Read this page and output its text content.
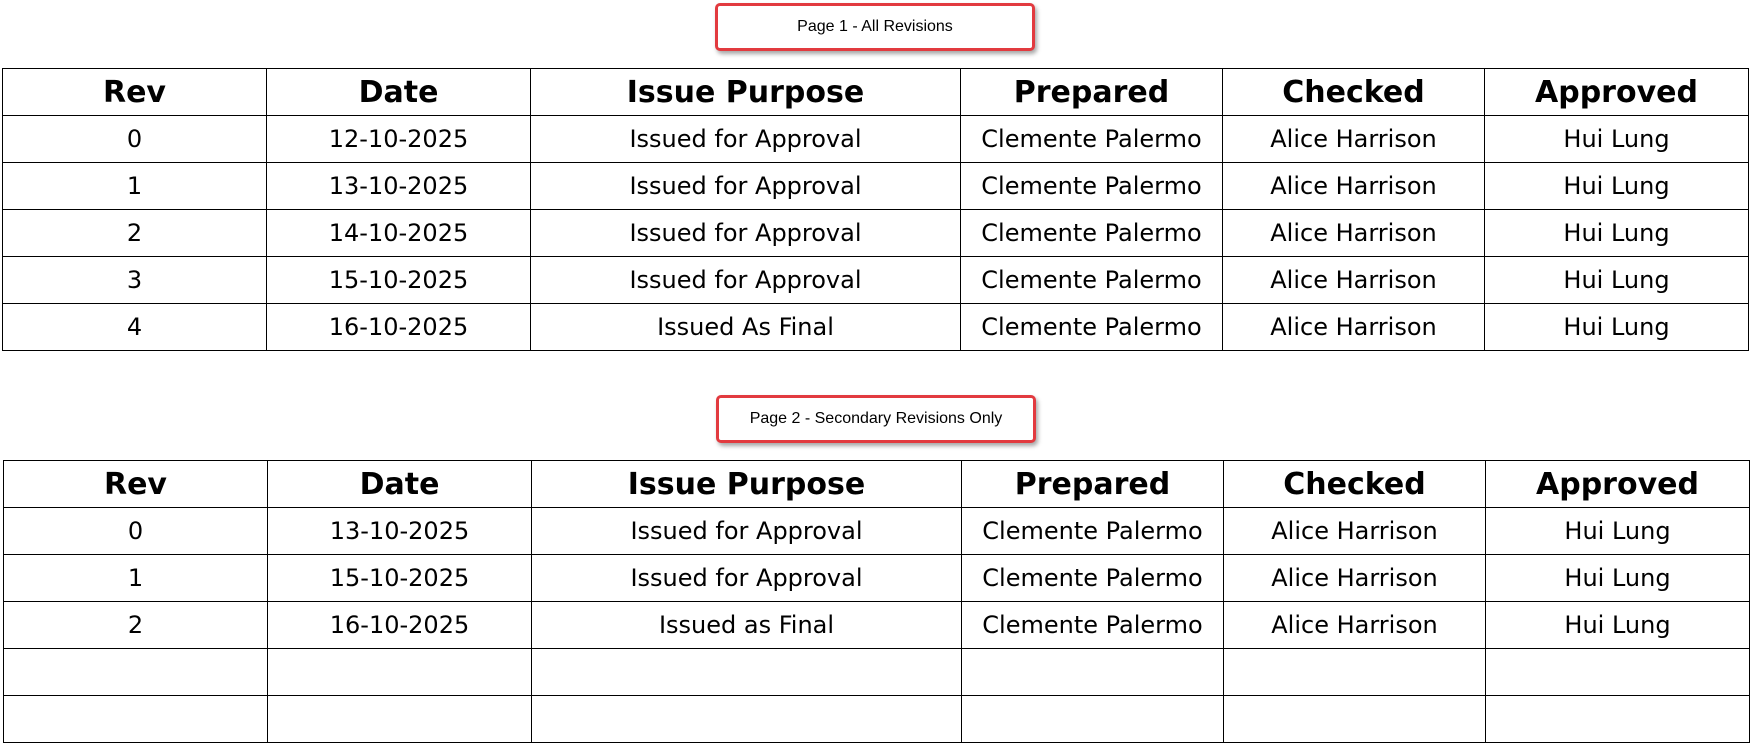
Page 1 - All Revisions
Rev	Date	Issue Purpose	Prepared	Checked	Approved
0	12-10-2025	Issued for Approval	Clemente Palermo	Alice Harrison	Hui Lung
1	13-10-2025	Issued for Approval	Clemente Palermo	Alice Harrison	Hui Lung
2	14-10-2025	Issued for Approval	Clemente Palermo	Alice Harrison	Hui Lung
3	15-10-2025	Issued for Approval	Clemente Palermo	Alice Harrison	Hui Lung
4	16-10-2025	Issued As Final	Clemente Palermo	Alice Harrison	Hui Lung
Page 2 - Secondary Revisions Only
Rev	Date	Issue Purpose	Prepared	Checked	Approved
0	13-10-2025	Issued for Approval	Clemente Palermo	Alice Harrison	Hui Lung
1	15-10-2025	Issued for Approval	Clemente Palermo	Alice Harrison	Hui Lung
2	16-10-2025	Issued as Final	Clemente Palermo	Alice Harrison	Hui Lung
